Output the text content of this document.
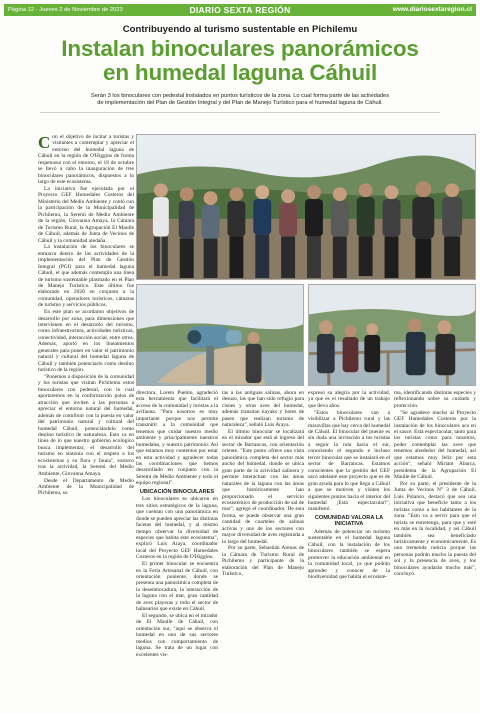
Página 12 - Jueves 2 de Noviembre de 2023	DIARIO SEXTA REGIÓN	www.diariosextaregion.cl
Contribuyendo al turismo sustentable en Pichilemu
Instalan binoculares panorámicos
en humedal laguna Cáhuil
Serán 3 los binoculares con pedestal instalados en puntos turísticos de la zona. Lo cual forma parte de las actividades
de implementación del Plan de Gestión Integral y del Plan de Manejo Turístico para el humedal laguna de Cáhuil.

Con el objetivo de incitar a turistas y visitantes a contemplar y apreciar el entorno del humedal laguna de Cáhuil en la región de O'Higgins de forma respetuosa con el entorno, el 18 de octubre se llevó a cabo la inauguración de tres binoculares panorámicos, dispuestos a lo largo de este ecosistema.

La iniciativa fue ejecutada por el Proyecto GEF Humedales Costeros del Ministerio del Medio Ambiente y contó con la participación de la Municipalidad de Pichilemu, la Seremi de Medio Ambiente de la región, Giovanna Amaya, la Cámara de Turismo Rural, la Agrupación El Maulle de Cáhuil, además de Junta de Vecinos de Cáhuil y la comunidad aledaña.

La instalación de los binoculares se enmarca dentro de las actividades de la implementación del Plan de Gestión Integral (PGI) para el humedal laguna Cáhuil, el que además contempla una línea de turismo sustentable plasmado en el Plan de Manejo Turístico. Este último fue elaborado en 2020 en conjunto a la comunidad, operadores turísticos, cámaras de turismo y servicios públicos.

En este plan se acordaron objetivos de desarrollo por zona, para dimensiones que intervienen en el desarrollo del turismo, como infraestructura, actividades turísticas, conectividad, interacción social, entre otros. Además, aportó en los lineamientos generales para poner en valor el patrimonio natural y cultural del humedal laguna de Cáhuil y también potenciarlo como destino turístico de la región.

"Ponemos a disposición de la comunidad y los turistas que visitan Pichilemu estos binoculares con pedestal, con lo cual aportaremos en la conformación polos de atracción que inviten a las personas a apreciar el entorno natural del humedal, además de contribuir con la puesta en valor del patrimonio natural y cultural del humedal Cáhuil, potenciándolo como destino turístico de naturaleza. Esto va en línea de lo que nuestro gobierno ecológico busca implementar, el desarrollo del turismo en sintonía con el respeto a los ecosistemas y su flora y fauna", sostuvo tras la actividad, la Seremi del Medio Ambiente, Giovanna Amaya.

Desde el Departamento de Medio Ambiente de la Municipalidad de Pichilemu, su

directora, Loreto Pueblo, agradeció esta herramienta que facilitará el acceso de la comunidad y turistas a la avifauna. "Para nosotros es muy importante porque nos permite transmitir a la comunidad que tenemos que cuidar nuestro medio ambiente y principalmente nuestros humedales, y nuestro patrimonio. Así que estamos muy contentos por estar en esta actividad y agradecer todas las coordinaciones que hemos desarrollado en conjunto con la Seremi de Medio Ambiente y todo el equipo regional".

UBICACIÓN BINOCULARES

Los binoculares se ubicaron en tres sitios estratégicos de la laguna, que cuentan con una panorámica en donde se pueden apreciar las distintas facetas del humedal, y al mismo tiempo observar la diversidad de especies que habita este ecosistema", explicó Luis Araya, coordinador local del Proyecto GEF Humedales Costeros en la región de O'Higgins.

El primer binocular se encuentra en la Feria Artesanal de Cáhuil, con orientación poniente, donde se presenta una panorámica completa de la desembocadura, la interacción de la laguna con el mar, gran cantidad de aves playeras y todo el sector de balnearios que existe en Cáhuil.

El segundo, se ubica en el mirador de El Maulle de Cáhuil, con orientación sur, "aquí se observa el humedal en uno de sus sectores medios con comportamiento de laguna. Se trata de un lugar con excelentes vis-

tas a las antiguas salinas, ahora en desuso, las que han sido refugio para cisnes y otras aves del humedal, además transitan kayaks y botes de paseo que realizan turismo de naturaleza", señaló Luis Araya.

El último binocular se localizará en el mirador que está al ingreso del sector de Barrancas, con orientación oriente. "Este punto ofrece una vista panorámica completa del sector más ancho del humedal, donde se ubica gran parte de la actividad salinera y permite interactuar con las áreas naturales de la laguna con las áreas que históricamente han proporcionado el servicio ecosistémico de producción de sal de mar", agregó el coordinador. De esta forma, se puede observar una gran cantidad de cuarteles de salinas activas y uno de los sectores con mayor diversidad de aves registrada a lo largo del humedal.

Por su parte, Sebastián Arenas de la Cámara de Turismo Rural de Pichilemu y participante de la elaboración del Plan de Manejo Turístico,

expresó su alegría por la actividad, ya que es el resultado de un trabajo que lleva años.

"Estos binoculares van a visibilizar a Pichilemu rural y las maravillas que hay cerca del humedal de Cáhuil. El binocular del puente es sin duda una invitación a los turistas a seguir la ruta hacia el sur, conociendo el segundo e incluso tercer binocular que se instalará en el sector de Barrancas. Estamos conscientes que la gestión del GEF sacó adelante este proyecto que es de gran ayuda para lo que llega a Cáhuil a que se motiven y visiten los siguientes puntos hacia el interior del humedal ¡Está espectacular!", manifestó.

COMUNIDAD VALORA LA INICIATIVA

Además de potenciar un turismo sustentable en el humedal laguna Cáhuil, con la instalación de los binoculares también se espera promover la educación ambiental en la comunidad local, ya que podrán aprender y conocer de la biodiversidad que habita el ecosiste-

ma, identificando distintas especies y reflexionando sobre su cuidado y protección.

"Se agradece mucho al Proyecto GEF Humedales Costeros por la instalación de los binoculares aca en el sauce. Está espectacular, tanto para los turistas como para nosotros, poder contemplar las aves que tenemos alrededor del humedal, así que estamos muy feliz por esta acción", señaló Miriam Abarca, presidenta de la Agrupación El Maulle de Cáhuil.

Por su parte, el presidente de la Junta de Vecinos N° 3 de Cáhuil, Luis Polanco, destacó que sea una iniciativa que beneficie tanto a los turistas como a los habitantes de la zona. "Esto va a servir para que el turista se entretenga, para que y esté en más en la localidad, y así Cáhuil también sea beneficiado turísticamente y económicamente. Es una tremenda noticia porque las personas podrán mucho la puesta del sol y la presencia de aves, y los binoculares ayudarán mucho más", concluyó.
